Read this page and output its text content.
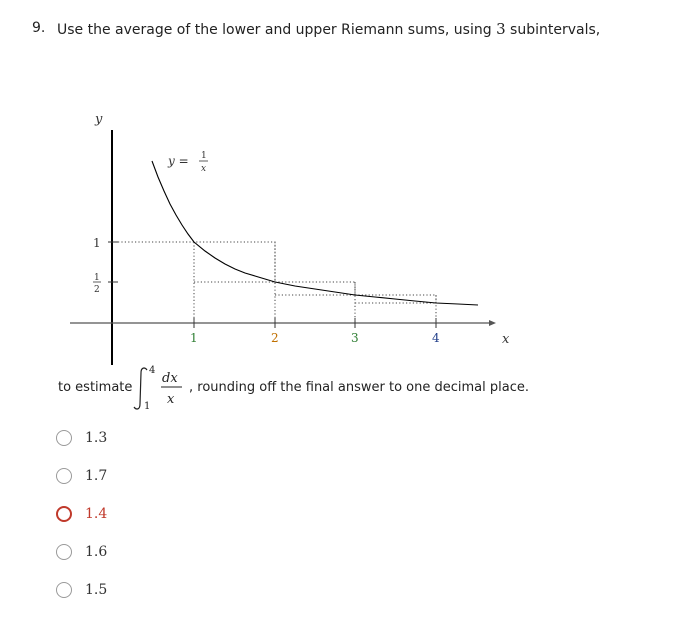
9. Use the average of the lower and upper Riemann sums, using 3 subintervals,
y
1
1
2
1	2	3	4	x
y = 1
x
to estimate
4
1
dx
x
, rounding off the final answer to one decimal place.
1.3
1.7
1.4
1.6
1.5
